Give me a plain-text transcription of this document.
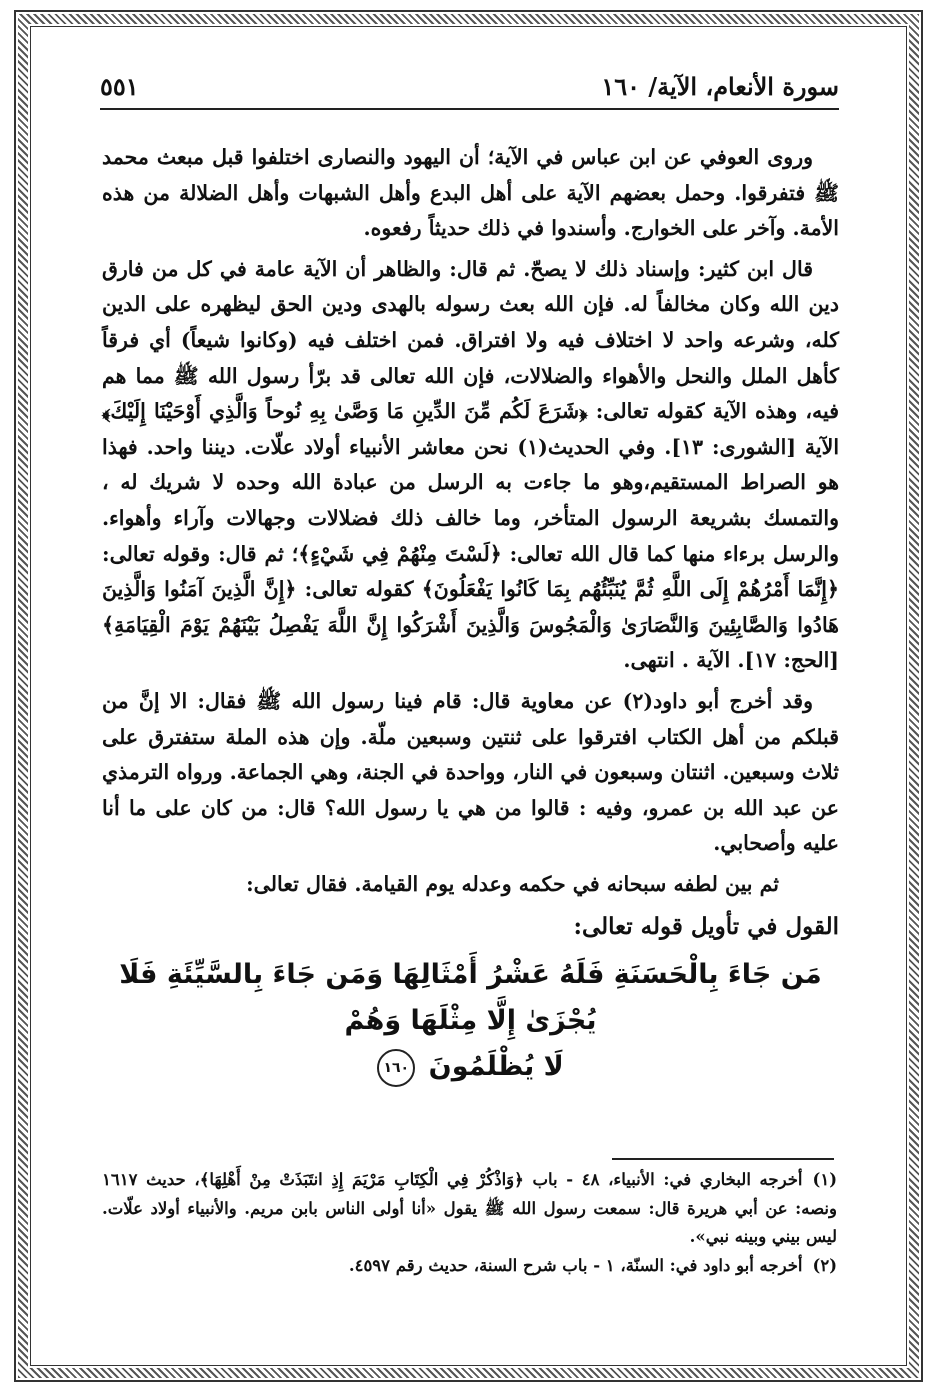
سورة الأنعام، الآية/ ١٦٠
٥٥١

وروى العوفي عن ابن عباس في الآية؛ أن اليهود والنصارى اختلفوا قبل مبعث محمد ﷺ فتفرقوا. وحمل بعضهم الآية على أهل البدع وأهل الشبهات وأهل الضلالة من هذه الأمة. وآخر على الخوارج. وأسندوا في ذلك حديثاً رفعوه.

قال ابن كثير: وإسناد ذلك لا يصحّ. ثم قال: والظاهر أن الآية عامة في كل من فارق دين الله وكان مخالفاً له. فإن الله بعث رسوله بالهدى ودين الحق ليظهره على الدين كله، وشرعه واحد لا اختلاف فيه ولا افتراق. فمن اختلف فيه (وكانوا شيعاً) أي فرقاً كأهل الملل والنحل والأهواء والضلالات، فإن الله تعالى قد برّأ رسول الله ﷺ مما هم فيه، وهذه الآية كقوله تعالى: ﴿شَرَعَ لَكُم مِّنَ الدِّينِ مَا وَصَّىٰ بِهِ نُوحاً وَالَّذِي أَوْحَيْنَا إِلَيْكَ﴾ الآية [الشورى: ١٣]. وفي الحديث(١) نحن معاشر الأنبياء أولاد علّات. ديننا واحد. فهذا هو الصراط المستقيم،وهو ما جاءت به الرسل من عبادة الله وحده لا شريك له ، والتمسك بشريعة الرسول المتأخر، وما خالف ذلك فضلالات وجهالات وآراء وأهواء. والرسل برءاء منها كما قال الله تعالى: ﴿لَسْتَ مِنْهُمْ فِي شَيْءٍ﴾؛ ثم قال: وقوله تعالى: ﴿إِنَّمَا أَمْرُهُمْ إِلَى اللَّهِ ثُمَّ يُنَبِّئُهُم بِمَا كَانُوا يَفْعَلُونَ﴾ كقوله تعالى: ﴿إِنَّ الَّذِينَ آمَنُوا وَالَّذِينَ هَادُوا وَالصَّابِئِينَ وَالنَّصَارَىٰ وَالْمَجُوسَ وَالَّذِينَ أَشْرَكُوا إِنَّ اللَّهَ يَفْصِلُ بَيْنَهُمْ يَوْمَ الْقِيَامَةِ﴾ [الحج: ١٧]. الآية . انتهى.

وقد أخرج أبو داود(٢) عن معاوية قال: قام فينا رسول الله ﷺ فقال: الا إنَّ من قبلكم من أهل الكتاب افترقوا على ثنتين وسبعين ملّة. وإن هذه الملة ستفترق على ثلاث وسبعين. اثنتان وسبعون في النار، وواحدة في الجنة، وهي الجماعة. ورواه الترمذي عن عبد الله بن عمرو، وفيه : قالوا من هي يا رسول الله؟ قال: من كان على ما أنا عليه وأصحابي.

ثم بين لطفه سبحانه في حكمه وعدله يوم القيامة. فقال تعالى:

القول في تأويل قوله تعالى:

مَن جَاءَ بِالْحَسَنَةِ فَلَهُ عَشْرُ أَمْثَالِهَا وَمَن جَاءَ بِالسَّيِّئَةِ فَلَا يُجْزَىٰ إِلَّا مِثْلَهَا وَهُمْ
لَا يُظْلَمُونَ ١٦٠

(١)أخرجه البخاري في: الأنبياء، ٤٨ - باب ﴿وَاذْكُرْ فِي الْكِتَابِ مَرْيَمَ إِذِ انتَبَذَتْ مِنْ أَهْلِهَا﴾، حديث ١٦١٧ ونصه: عن أبي هريرة قال: سمعت رسول الله ﷺ يقول «أنا أولى الناس بابن مريم. والأنبياء أولاد علّات. ليس بيني وبينه نبي».

(٢)أخرجه أبو داود في: السنّة، ١ - باب شرح السنة، حديث رقم ٤٥٩٧.
